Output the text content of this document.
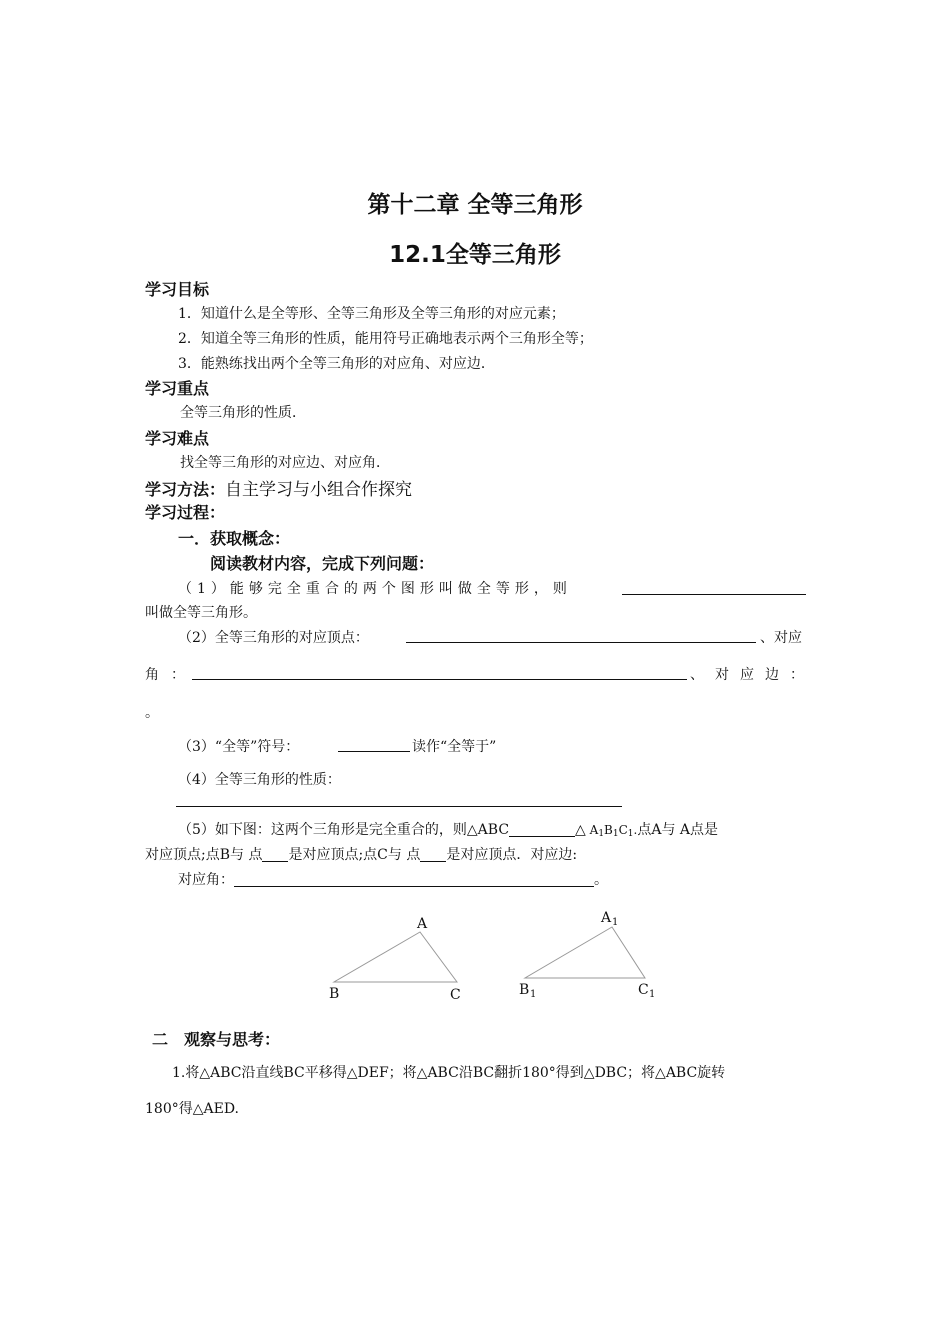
第十二章 全等三角形
12.1全等三角形
学习目标
1．知道什么是全等形、全等三角形及全等三角形的对应元素；
2．知道全等三角形的性质，能用符号正确地表示两个三角形全等；
3．能熟练找出两个全等三角形的对应角、对应边．
学习重点
全等三角形的性质．
学习难点
找全等三角形的对应边、对应角．
学习方法：自主学习与小组合作探究
学习过程：
一．获取概念：
阅读教材内容，完成下列问题：
（1）能够完全重合的两个图形叫做全等形，则
叫做全等三角形。
（2）全等三角形的对应顶点：	、对应
角：	、对应边：
。
（3）“全等”符号：	读作“全等于”
（4）全等三角形的性质：
（5）如下图：这两个三角形是完全重合的，则△ABC	△ $A_1B_1C_1$.点A与 A点是
对应顶点;点B与 点 是对应顶点;点C与 点 是对应顶点．对应边:
对应角：	。
A
B	C
A 1
B 1	C 1
二　观察与思考：
1.将△ABC沿直线BC平移得△DEF；将△ABC沿BC翻折180°得到△DBC；将△ABC旋转
180°得△AED.
